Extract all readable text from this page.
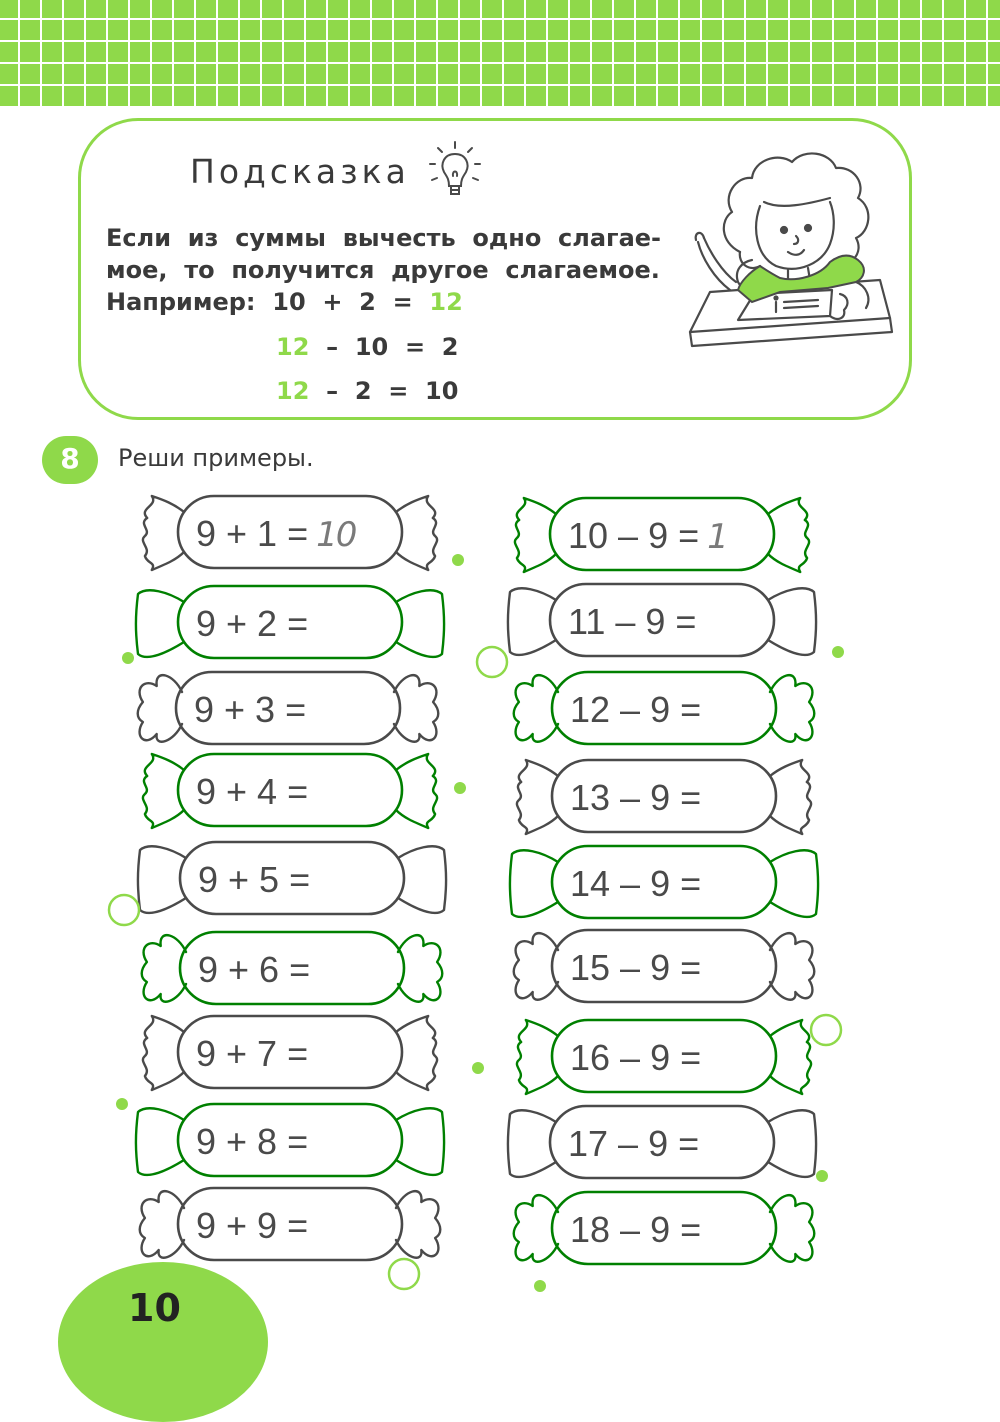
Подсказка
Если  из  суммы  вычесть  одно  слагае-
мое,  то  получится  другое  слагаемое.
Например:  10  +  2  =  12
12  –  10  =  2
12  –  2  =  10
8	Реши примеры.
9 + 1 = 10
9 + 2 =
9 + 3 =
9 + 4 =
9 + 5 =
9 + 6 =
9 + 7 =
9 + 8 =
9 + 9 =
10 – 9 = 1
11 – 9 =
12 – 9 =
13 – 9 =
14 – 9 =
15 – 9 =
16 – 9 =
17 – 9 =
18 – 9 =
10
